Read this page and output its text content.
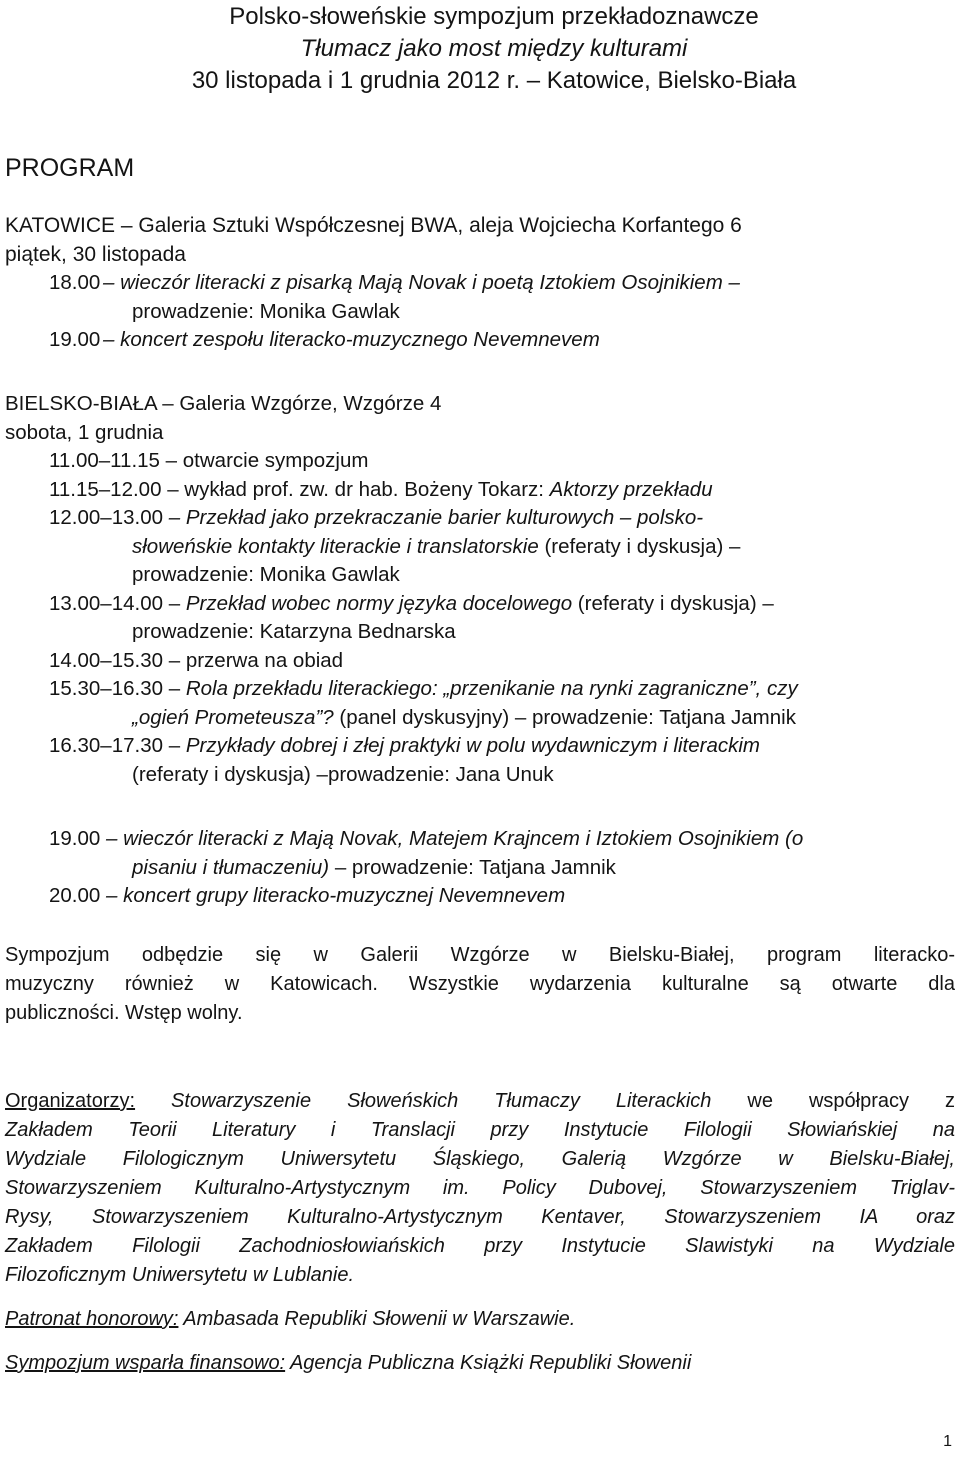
Polsko-słoweńskie sympozjum przekładoznawcze
Tłumacz jako most między kulturami
30 listopada i 1 grudnia 2012 r. – Katowice, Bielsko-Biała
PROGRAM
KATOWICE – Galeria Sztuki Współczesnej BWA, aleja Wojciecha Korfantego 6
piątek, 30 listopada
18.00 – wieczór literacki z pisarką Mają Novak i poetą Iztokiem Osojnikiem –
prowadzenie: Monika Gawlak
19.00 – koncert zespołu literacko-muzycznego Nevemnevem
BIELSKO-BIAŁA – Galeria Wzgórze, Wzgórze 4
sobota, 1 grudnia
11.00–11.15 – otwarcie sympozjum
11.15–12.00 – wykład prof. zw. dr hab. Bożeny Tokarz: Aktorzy przekładu
12.00–13.00 – Przekład jako przekraczanie barier kulturowych – polsko-
słoweńskie kontakty literackie i translatorskie (referaty i dyskusja) –
prowadzenie: Monika Gawlak
13.00–14.00 – Przekład wobec normy języka docelowego (referaty i dyskusja) –
prowadzenie: Katarzyna Bednarska
14.00–15.30 – przerwa na obiad
15.30–16.30 – Rola przekładu literackiego: „przenikanie na rynki zagraniczne”, czy
„ogień Prometeusza”? (panel dyskusyjny) – prowadzenie: Tatjana Jamnik
16.30–17.30 – Przykłady dobrej i złej praktyki w polu wydawniczym i literackim
(referaty i dyskusja) –prowadzenie: Jana Unuk
19.00 – wieczór literacki z Mają Novak, Matejem Krajncem i Iztokiem Osojnikiem (o
pisaniu i tłumaczeniu) – prowadzenie: Tatjana Jamnik
20.00 – koncert grupy literacko-muzycznej Nevemnevem
Sympozjum odbędzie się w Galerii Wzgórze w Bielsku-Białej, program literacko-
muzyczny również w Katowicach. Wszystkie wydarzenia kulturalne są otwarte dla
publiczności. Wstęp wolny.
Organizatorzy: Stowarzyszenie Słoweńskich Tłumaczy Literackich we współpracy z
Zakładem Teorii Literatury i Translacji przy Instytucie Filologii Słowiańskiej na
Wydziale Filologicznym Uniwersytetu Śląskiego, Galerią Wzgórze w Bielsku-Białej,
Stowarzyszeniem Kulturalno-Artystycznym im. Policy Dubovej, Stowarzyszeniem Triglav-
Rysy, Stowarzyszeniem Kulturalno-Artystycznym Kentaver, Stowarzyszeniem IA oraz
Zakładem Filologii Zachodniosłowiańskich przy Instytucie Slawistyki na Wydziale
Filozoficznym Uniwersytetu w Lublanie.
Patronat honorowy: Ambasada Republiki Słowenii w Warszawie.
Sympozjum wsparła finansowo: Agencja Publiczna Książki Republiki Słowenii
1
